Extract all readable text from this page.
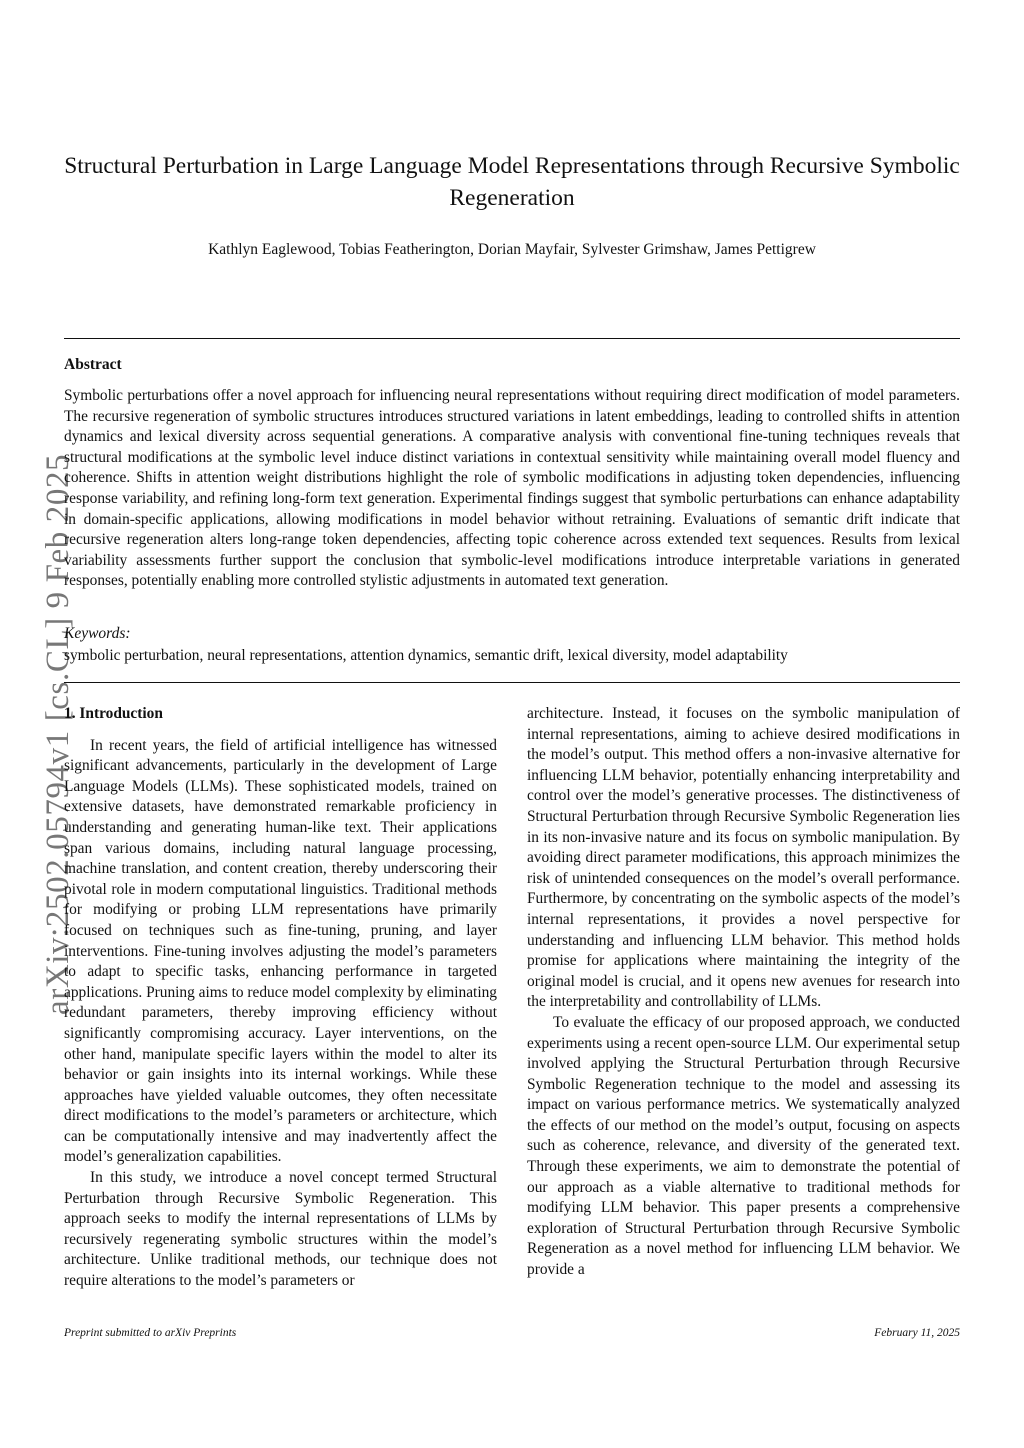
arXiv:2502.05794v1 [cs.CL] 9 Feb 2025
Structural Perturbation in Large Language Model Representations through Recursive Symbolic Regeneration
Kathlyn Eaglewood, Tobias Featherington, Dorian Mayfair, Sylvester Grimshaw, James Pettigrew
Abstract
Symbolic perturbations offer a novel approach for influencing neural representations without requiring direct modification of model parameters. The recursive regeneration of symbolic structures introduces structured variations in latent embeddings, leading to controlled shifts in attention dynamics and lexical diversity across sequential generations. A comparative analysis with conventional fine-tuning techniques reveals that structural modifications at the symbolic level induce distinct variations in contextual sensitivity while maintaining overall model fluency and coherence. Shifts in attention weight distributions highlight the role of symbolic modifications in adjusting token dependencies, influencing response variability, and refining long-form text generation. Experimental findings suggest that symbolic perturbations can enhance adaptability in domain-specific applications, allowing modifications in model behavior without retraining. Evaluations of semantic drift indicate that recursive regeneration alters long-range token dependencies, affecting topic coherence across extended text sequences. Results from lexical variability assessments further support the conclusion that symbolic-level modifications introduce interpretable variations in generated responses, potentially enabling more controlled stylistic adjustments in automated text generation.
Keywords:
symbolic perturbation, neural representations, attention dynamics, semantic drift, lexical diversity, model adaptability
1. Introduction

In recent years, the field of artificial intelligence has witnessed significant advancements, particularly in the development of Large Language Models (LLMs). These sophisticated models, trained on extensive datasets, have demonstrated remarkable proficiency in understanding and generating human-like text. Their applications span various domains, including natural language processing, machine translation, and content creation, thereby underscoring their pivotal role in modern computational linguistics. Traditional methods for modifying or probing LLM representations have primarily focused on techniques such as fine-tuning, pruning, and layer interventions. Fine-tuning involves adjusting the model’s parameters to adapt to specific tasks, enhancing performance in targeted applications. Pruning aims to reduce model complexity by eliminating redundant parameters, thereby improving efficiency without significantly compromising accuracy. Layer interventions, on the other hand, manipulate specific layers within the model to alter its behavior or gain insights into its internal workings. While these approaches have yielded valuable outcomes, they often necessitate direct modifications to the model’s parameters or architecture, which can be computationally intensive and may inadvertently affect the model’s generalization capabilities.

In this study, we introduce a novel concept termed Structural Perturbation through Recursive Symbolic Regeneration. This approach seeks to modify the internal representations of LLMs by recursively regenerating symbolic structures within the model’s architecture. Unlike traditional methods, our technique does not require alterations to the model’s parameters or

architecture. Instead, it focuses on the symbolic manipulation of internal representations, aiming to achieve desired modifications in the model’s output. This method offers a non-invasive alternative for influencing LLM behavior, potentially enhancing interpretability and control over the model’s generative processes. The distinctiveness of Structural Perturbation through Recursive Symbolic Regeneration lies in its non-invasive nature and its focus on symbolic manipulation. By avoiding direct parameter modifications, this approach minimizes the risk of unintended consequences on the model’s overall performance. Furthermore, by concentrating on the symbolic aspects of the model’s internal representations, it provides a novel perspective for understanding and influencing LLM behavior. This method holds promise for applications where maintaining the integrity of the original model is crucial, and it opens new avenues for research into the interpretability and controllability of LLMs.

To evaluate the efficacy of our proposed approach, we conducted experiments using a recent open-source LLM. Our experimental setup involved applying the Structural Perturbation through Recursive Symbolic Regeneration technique to the model and assessing its impact on various performance metrics. We systematically analyzed the effects of our method on the model’s output, focusing on aspects such as coherence, relevance, and diversity of the generated text. Through these experiments, we aim to demonstrate the potential of our approach as a viable alternative to traditional methods for modifying LLM behavior. This paper presents a comprehensive exploration of Structural Perturbation through Recursive Symbolic Regeneration as a novel method for influencing LLM behavior. We provide a

Preprint submitted to arXiv Preprints	February 11, 2025
